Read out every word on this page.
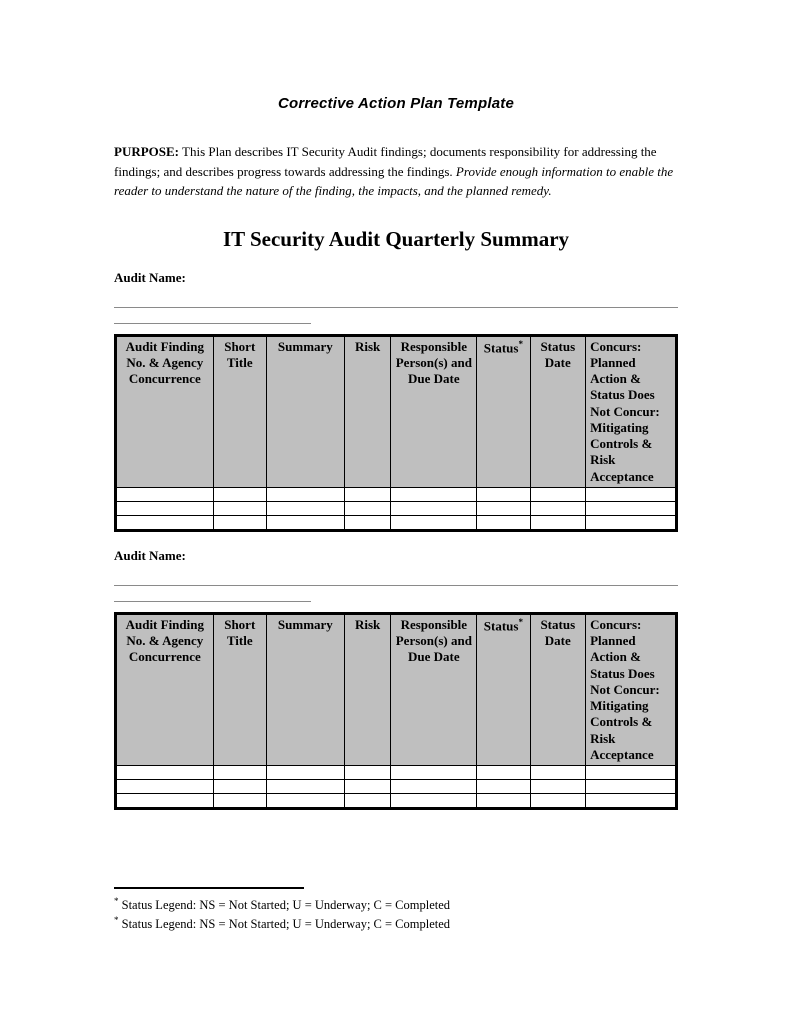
Corrective Action Plan Template

PURPOSE: This Plan describes IT Security Audit findings; documents responsibility for addressing the findings; and describes progress towards addressing the findings. Provide enough information to enable the reader to understand the nature of the finding, the impacts, and the planned remedy.

IT Security Audit Quarterly Summary
Audit Name:
Audit Finding No. & Agency Concurrence	Short Title	Summary	Risk	Responsible Person(s) and Due Date	Status*	Status Date	Concurs: Planned Action & Status Does Not Concur: Mitigating Controls & Risk Acceptance

Audit Name:
Audit Finding No. & Agency Concurrence	Short Title	Summary	Risk	Responsible Person(s) and Due Date	Status*	Status Date	Concurs: Planned Action & Status Does Not Concur: Mitigating Controls & Risk Acceptance

* Status Legend: NS = Not Started; U = Underway; C = Completed

* Status Legend: NS = Not Started; U = Underway; C = Completed
